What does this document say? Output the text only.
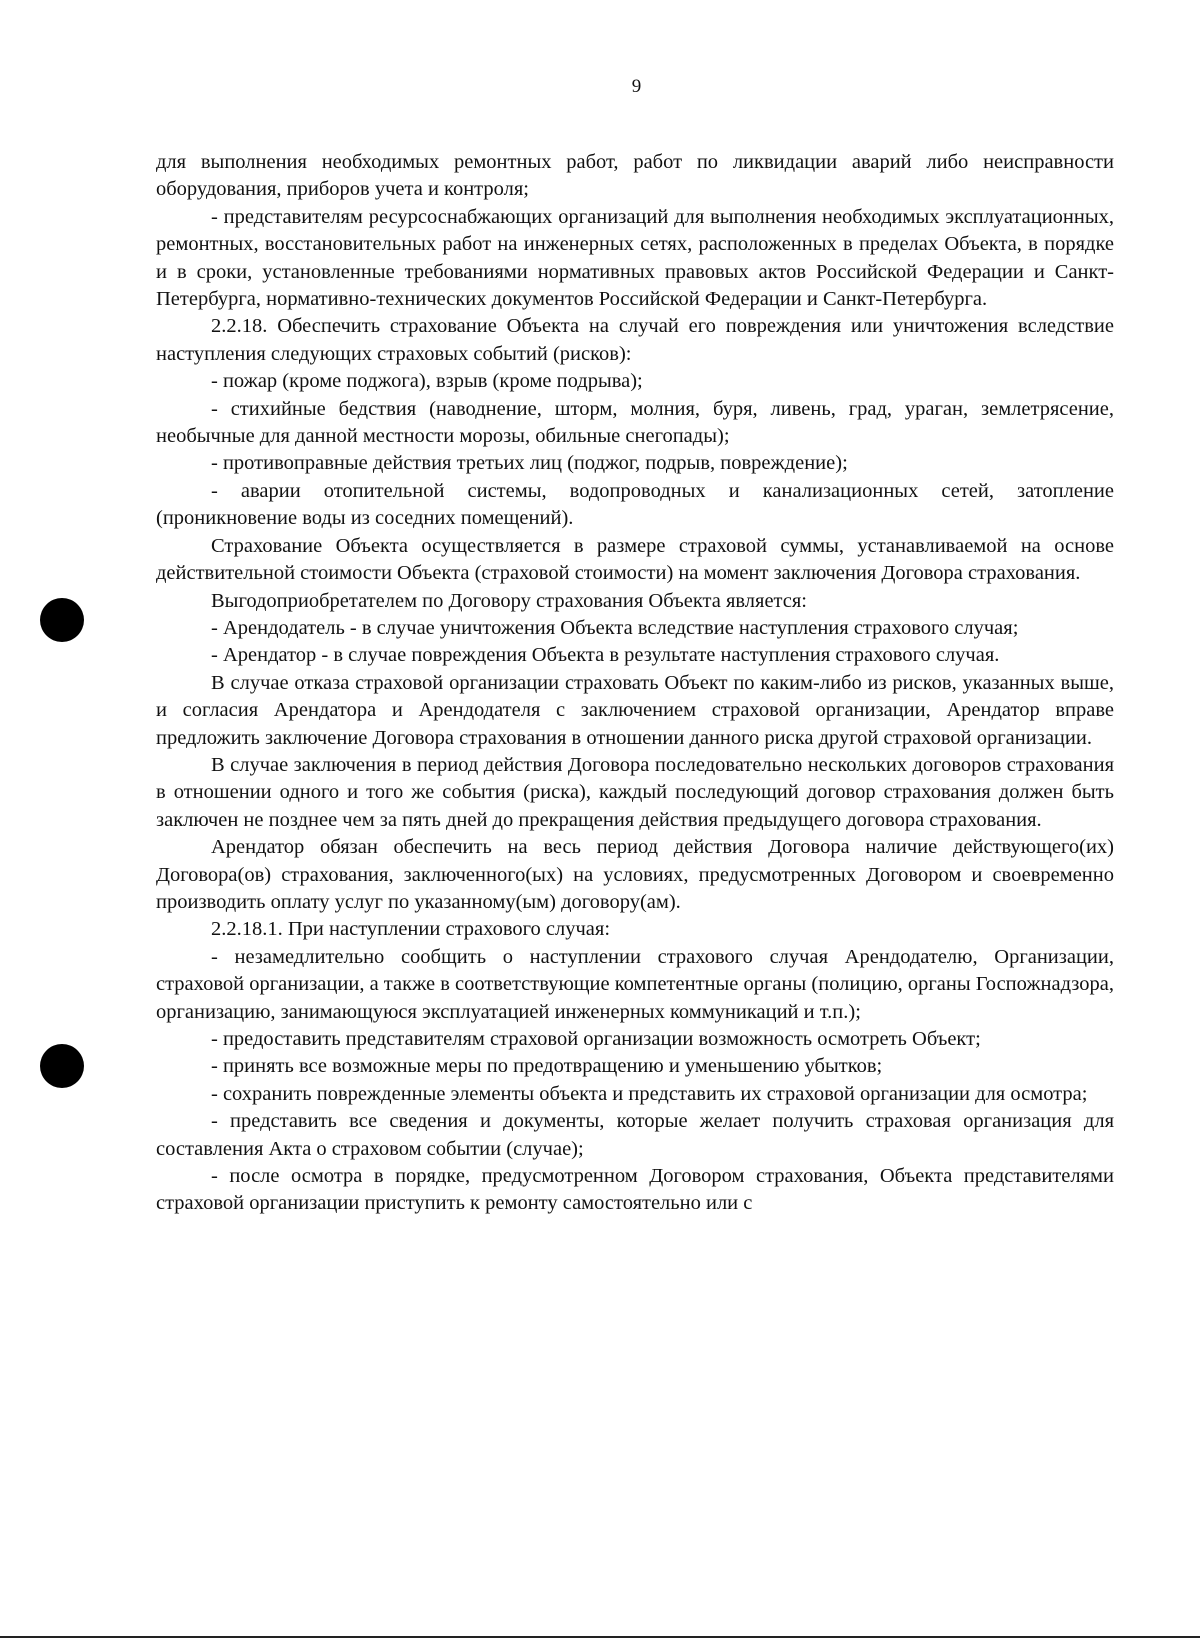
9

для выполнения необходимых ремонтных работ, работ по ликвидации аварий либо неисправности оборудования, приборов учета и контроля;

- представителям ресурсоснабжающих организаций для выполнения необходимых эксплуатационных, ремонтных, восстановительных работ на инженерных сетях, расположенных в пределах Объекта, в порядке и в сроки, установленные требованиями нормативных правовых актов Российской Федерации и Санкт-Петербурга, нормативно-технических документов Российской Федерации и Санкт-Петербурга.

2.2.18. Обеспечить страхование Объекта на случай его повреждения или уничтожения вследствие наступления следующих страховых событий (рисков):

- пожар (кроме поджога), взрыв (кроме подрыва);

- стихийные бедствия (наводнение, шторм, молния, буря, ливень, град, ураган, землетрясение, необычные для данной местности морозы, обильные снегопады);

- противоправные действия третьих лиц (поджог, подрыв, повреждение);

- аварии отопительной системы, водопроводных и канализационных сетей, затопление (проникновение воды из соседних помещений).

Страхование Объекта осуществляется в размере страховой суммы, устанавливаемой на основе действительной стоимости Объекта (страховой стоимости) на момент заключения Договора страхования.

Выгодоприобретателем по Договору страхования Объекта является:

- Арендодатель - в случае уничтожения Объекта вследствие наступления страхового случая;

- Арендатор - в случае повреждения Объекта в результате наступления страхового случая.

В случае отказа страховой организации страховать Объект по каким-либо из рисков, указанных выше, и согласия Арендатора и Арендодателя с заключением страховой организации, Арендатор вправе предложить заключение Договора страхования в отношении данного риска другой страховой организации.

В случае заключения в период действия Договора последовательно нескольких договоров страхования в отношении одного и того же события (риска), каждый последующий договор страхования должен быть заключен не позднее чем за пять дней до прекращения действия предыдущего договора страхования.

Арендатор обязан обеспечить на весь период действия Договора наличие действующего(их) Договора(ов) страхования, заключенного(ых) на условиях, предусмотренных Договором и своевременно производить оплату услуг по указанному(ым) договору(ам).

2.2.18.1. При наступлении страхового случая:

- незамедлительно сообщить о наступлении страхового случая Арендодателю, Организации, страховой организации, а также в соответствующие компетентные органы (полицию, органы Госпожнадзора, организацию, занимающуюся эксплуатацией инженерных коммуникаций и т.п.);

- предоставить представителям страховой организации возможность осмотреть Объект;

- принять все возможные меры по предотвращению и уменьшению убытков;

- сохранить поврежденные элементы объекта и представить их страховой организации для осмотра;

- представить все сведения и документы, которые желает получить страховая организация для составления Акта о страховом событии (случае);

- после осмотра в порядке, предусмотренном Договором страхования, Объекта представителями страховой организации приступить к ремонту самостоятельно или с
